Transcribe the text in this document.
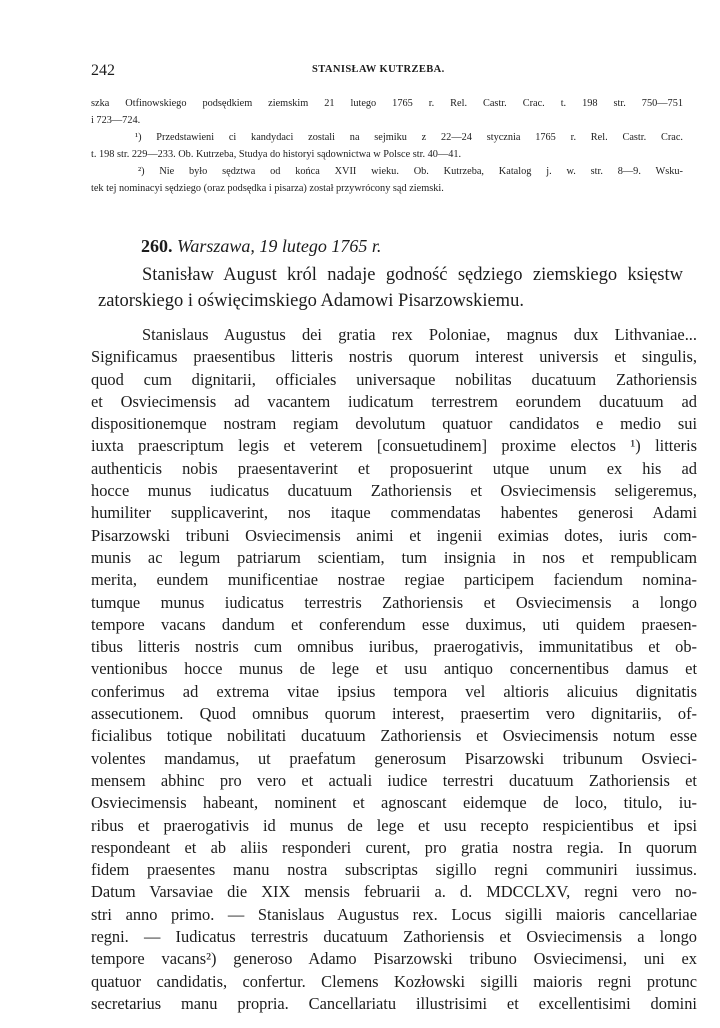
242	STANISŁAW KUTRZEBA.
szka Otfinowskiego podsędkiem ziemskim 21 lutego 1765 r. Rel. Castr. Crac. t. 198 str. 750—751
i 723—724.
¹) Przedstawieni ci kandydaci zostali na sejmiku z 22—24 stycznia 1765 r. Rel. Castr. Crac.
t. 198 str. 229—233. Ob. Kutrzeba, Studya do historyi sądownictwa w Polsce str. 40—41.
²) Nie było sędztwa od końca XVII wieku. Ob. Kutrzeba, Katalog j. w. str. 8—9. Wsku-
tek tej nominacyi sędziego (oraz podsędka i pisarza) został przywrócony sąd ziemski.
260. Warszawa, 19 lutego 1765 r.
Stanisław August król nadaje godność sędziego ziemskiego księstw
zatorskiego i oświęcimskiego Adamowi Pisarzowskiemu.
Stanislaus Augustus dei gratia rex Poloniae, magnus dux Lithvaniae...
Significamus praesentibus litteris nostris quorum interest universis et singulis,
quod cum dignitarii, officiales universaque nobilitas ducatuum Zathoriensis
et Osviecimensis ad vacantem iudicatum terrestrem eorundem ducatuum ad
dispositionemque nostram regiam devolutum quatuor candidatos e medio sui
iuxta praescriptum legis et veterem [consuetudinem] proxime electos ¹) litteris
authenticis nobis praesentaverint et proposuerint utque unum ex his ad
hocce munus iudicatus ducatuum Zathoriensis et Osviecimensis seligeremus,
humiliter supplicaverint, nos itaque commendatas habentes generosi Adami
Pisarzowski tribuni Osviecimensis animi et ingenii eximias dotes, iuris com-
munis ac legum patriarum scientiam, tum insignia in nos et rempublicam
merita, eundem munificentiae nostrae regiae participem faciendum nomina-
tumque munus iudicatus terrestris Zathoriensis et Osviecimensis a longo
tempore vacans dandum et conferendum esse duximus, uti quidem praesen-
tibus litteris nostris cum omnibus iuribus, praerogativis, immunitatibus et ob-
ventionibus hocce munus de lege et usu antiquo concernentibus damus et
conferimus ad extrema vitae ipsius tempora vel altioris alicuius dignitatis
assecutionem. Quod omnibus quorum interest, praesertim vero dignitariis, of-
ficialibus totique nobilitati ducatuum Zathoriensis et Osviecimensis notum esse
volentes mandamus, ut praefatum generosum Pisarzowski tribunum Osvieci-
mensem abhinc pro vero et actuali iudice terrestri ducatuum Zathoriensis et
Osviecimensis habeant, nominent et agnoscant eidemque de loco, titulo, iu-
ribus et praerogativis id munus de lege et usu recepto respicientibus et ipsi
respondeant et ab aliis responderi curent, pro gratia nostra regia. In quorum
fidem praesentes manu nostra subscriptas sigillo regni communiri iussimus.
Datum Varsaviae die XIX mensis februarii a. d. MDCCLXV, regni vero no-
stri anno primo. — Stanislaus Augustus rex. Locus sigilli maioris cancellariae
regni. — Iudicatus terrestris ducatuum Zathoriensis et Osviecimensis a longo
tempore vacans²) generoso Adamo Pisarzowski tribuno Osviecimensi, uni ex
quatuor candidatis, confertur. Clemens Kozłowski sigilli maioris regni protunc
secretarius manu propria. Cancellariatu illustrisimi et excellentisimi domini
